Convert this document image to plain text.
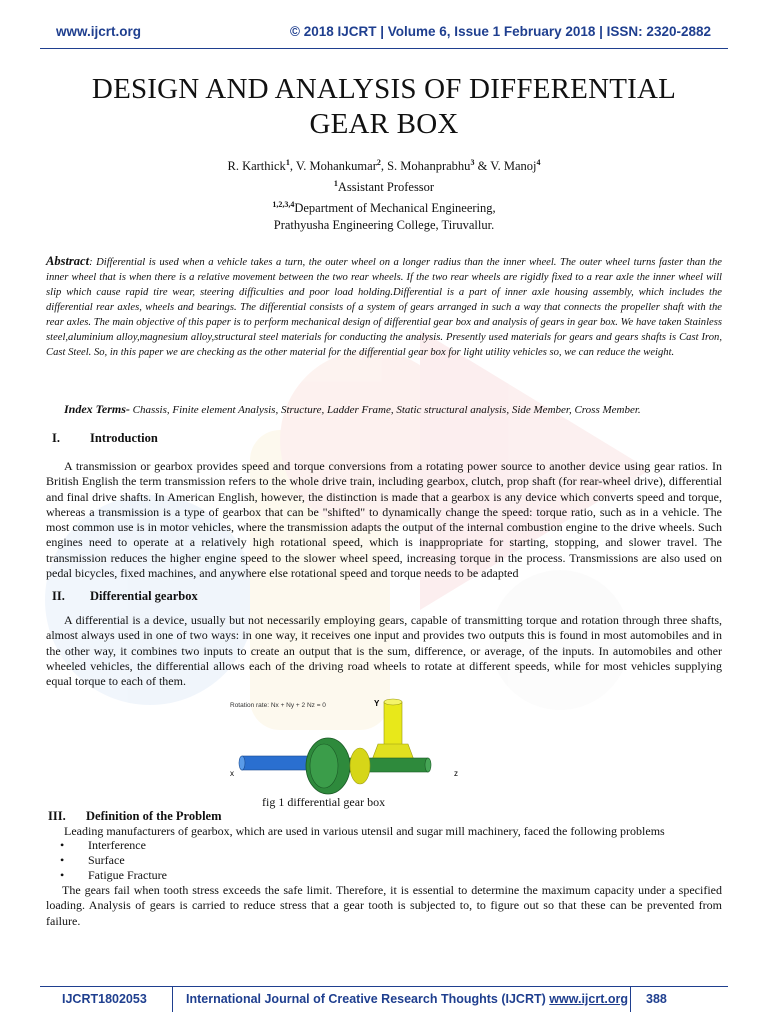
www.ijcrt.org	© 2018 IJCRT | Volume 6, Issue 1 February 2018 | ISSN: 2320-2882
DESIGN AND ANALYSIS OF DIFFERENTIAL GEAR BOX
R. Karthick$^1$, V. Mohankumar$^2$, S. Mohanprabhu$^3$ & V. Manoj$^4$
$^1$Assistant Professor
$^{1,2,3,4}$Department of Mechanical Engineering,
Prathyusha Engineering College, Tiruvallur.
Abstract: Differential is used when a vehicle takes a turn, the outer wheel on a longer radius than the inner wheel. The outer wheel turns faster than the inner wheel that is when there is a relative movement between the two rear wheels. If the two rear wheels are rigidly fixed to a rear axle the inner wheel will slip which cause rapid tire wear, steering difficulties and poor load holding.Differential is a part of inner axle housing assembly, which includes the differential rear axles, wheels and bearings. The differential consists of a system of gears arranged in such a way that connects the propeller shaft with the rear axles. The main objective of this paper is to perform mechanical design of differential gear box and analysis of gears in gear box. We have taken Stainless steel,aluminium alloy,magnesium alloy,structural steel materials for conducting the analysis. Presently used materials for gears and gears shafts is Cast Iron, Cast Steel. So, in this paper we are checking as the other material for the differential gear box for light utility vehicles so, we can reduce the weight.
Index Terms- Chassis, Finite element Analysis, Structure, Ladder Frame, Static structural analysis, Side Member, Cross Member.
I. Introduction
A transmission or gearbox provides speed and torque conversions from a rotating power source to another device using gear ratios. In British English the term transmission refers to the whole drive train, including gearbox, clutch, prop shaft (for rear-wheel drive), differential and final drive shafts. In American English, however, the distinction is made that a gearbox is any device which converts speed and torque, whereas a transmission is a type of gearbox that can be "shifted" to dynamically change the speed: torque ratio, such as in a vehicle. The most common use is in motor vehicles, where the transmission adapts the output of the internal combustion engine to the drive wheels. Such engines need to operate at a relatively high rotational speed, which is inappropriate for starting, stopping, and slower travel. The transmission reduces the higher engine speed to the slower wheel speed, increasing torque in the process. Transmissions are also used on pedal bicycles, fixed machines, and anywhere else rotational speed and torque needs to be adapted
II. Differential gearbox
A differential is a device, usually but not necessarily employing gears, capable of transmitting torque and rotation through three shafts, almost always used in one of two ways: in one way, it receives one input and provides two outputs this is found in most automobiles and in the other way, it combines two inputs to create an output that is the sum, difference, or average, of the inputs. In automobiles and other wheeled vehicles, the differential allows each of the driving road wheels to rotate at different speeds, while for most vehicles supplying equal torque to each of them.
Rotation rate: Nx + Ny + 2 Nz = 0	Y
x	z
fig 1 differential gear box
III. Definition of the Problem
Leading manufacturers of gearbox, which are used in various utensil and sugar mill machinery, faced the following problems
• Interference
• Surface
• Fatigue Fracture
The gears fail when tooth stress exceeds the safe limit. Therefore, it is essential to determine the maximum capacity under a specified loading. Analysis of gears is carried to reduce stress that a gear tooth is subjected to, to figure out so that these can be prevented from failure.
IJCRT1802053	International Journal of Creative Research Thoughts (IJCRT) www.ijcrt.org 388
